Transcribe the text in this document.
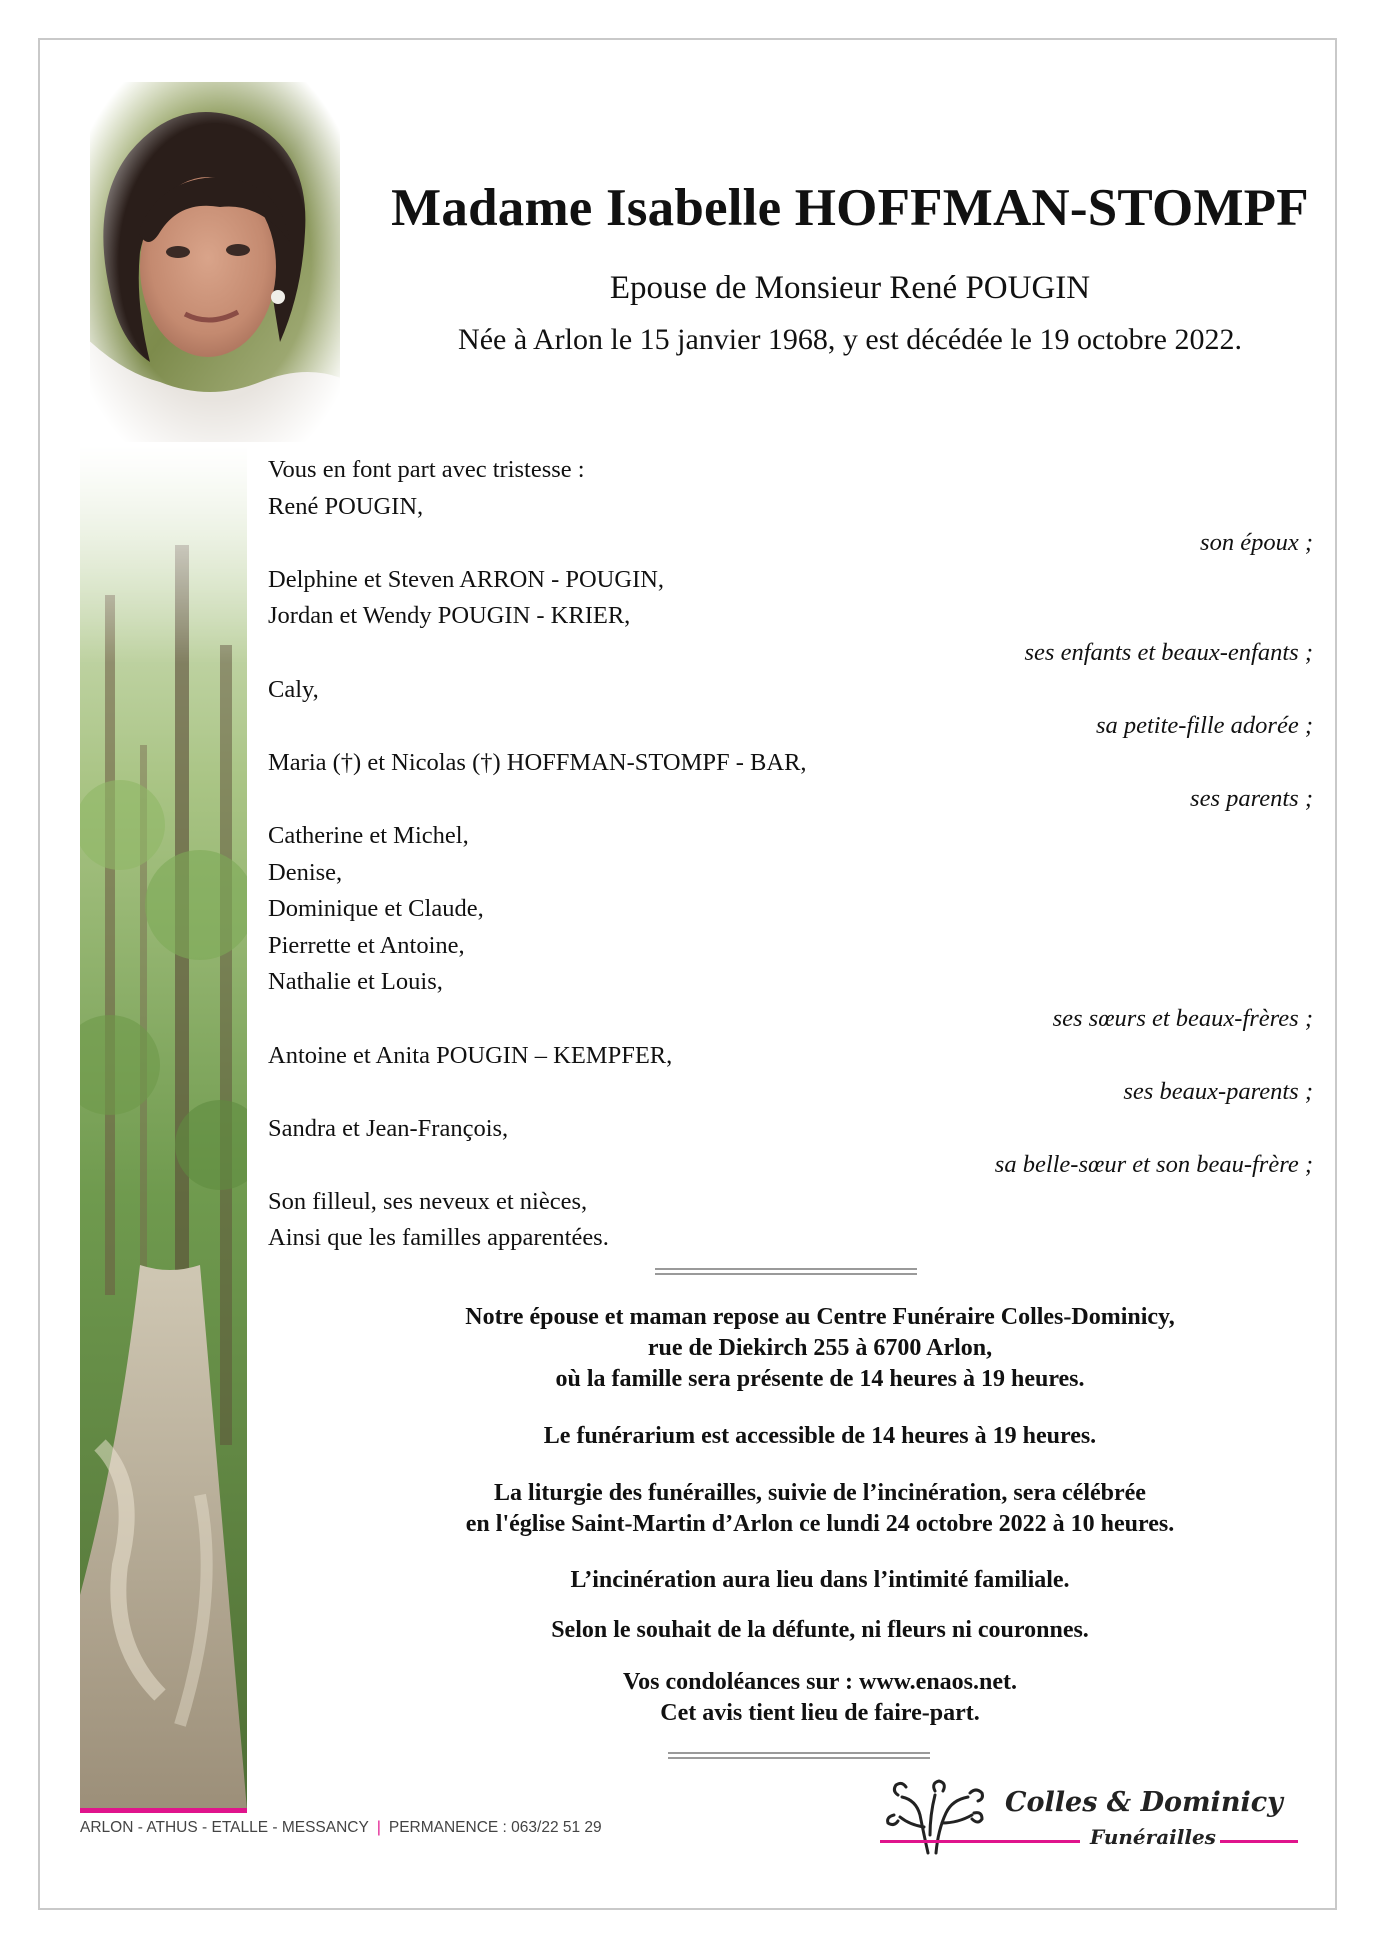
Madame Isabelle HOFFMAN-STOMPF
Epouse de Monsieur René POUGIN
Née à Arlon le 15 janvier 1968, y est décédée le 19 octobre 2022.
Vous en font part avec tristesse :
René POUGIN,
son époux ;
Delphine et Steven ARRON - POUGIN,
Jordan et Wendy POUGIN - KRIER,
ses enfants et beaux-enfants ;
Caly,
sa petite-fille adorée ;
Maria (†) et Nicolas (†) HOFFMAN-STOMPF - BAR,
ses parents ;
Catherine et Michel,
Denise,
Dominique et Claude,
Pierrette et Antoine,
Nathalie et Louis,
ses sœurs et beaux-frères ;
Antoine et Anita POUGIN – KEMPFER,
ses beaux-parents ;
Sandra et Jean-François,
sa belle-sœur et son beau-frère ;
Son filleul, ses neveux et nièces,
Ainsi que les familles apparentées.
Notre épouse et maman repose au Centre Funéraire Colles-Dominicy,
rue de Diekirch 255 à 6700 Arlon,
où la famille sera présente de 14 heures à 19 heures.
Le funérarium est accessible de 14 heures à 19 heures.
La liturgie des funérailles, suivie de l’incinération, sera célébrée
en l'église Saint-Martin d’Arlon ce lundi 24 octobre 2022 à 10 heures.
L’incinération aura lieu dans l’intimité familiale.
Selon le souhait de la défunte, ni fleurs ni couronnes.
Vos condoléances sur : www.enaos.net.
Cet avis tient lieu de faire-part.
ARLON - ATHUS - ETALLE - MESSANCY | PERMANENCE : 063/22 51 29
Colles & Dominicy
Funérailles
